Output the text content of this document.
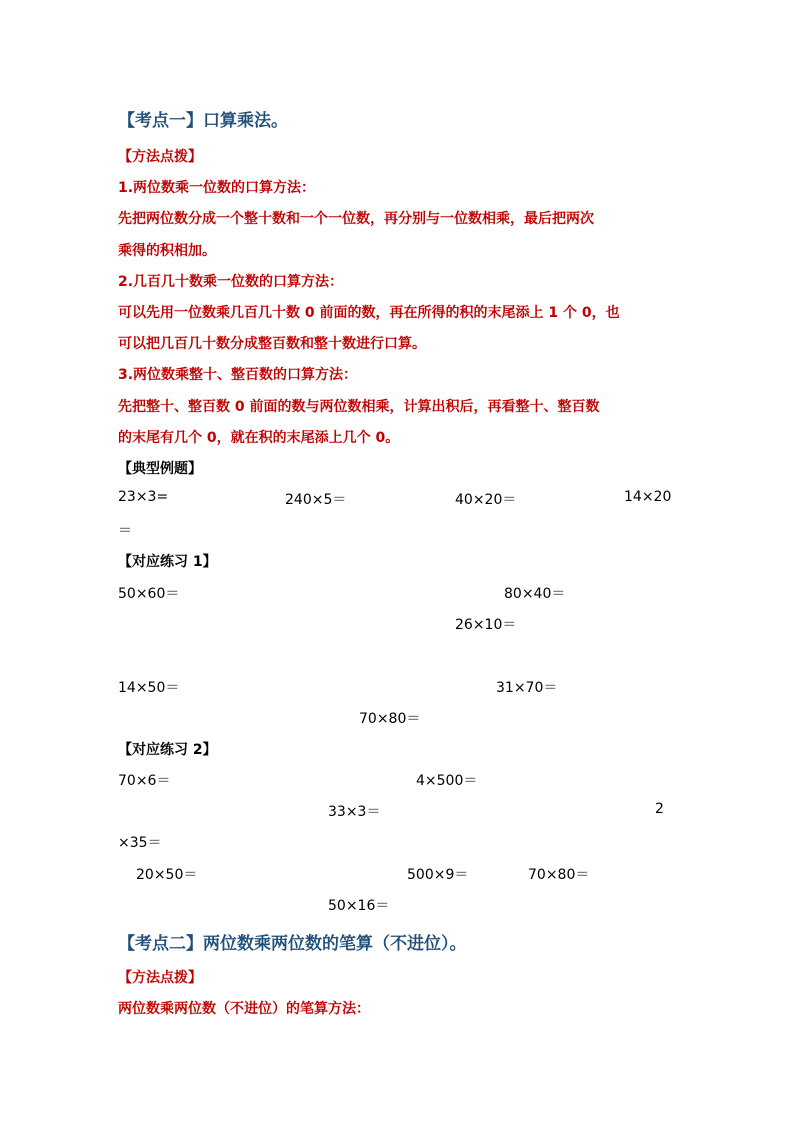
【考点一】口算乘法。
【方法点拨】
1.两位数乘一位数的口算方法：
先把两位数分成一个整十数和一个一位数，再分别与一位数相乘，最后把两次
乘得的积相加。
2.几百几十数乘一位数的口算方法：
可以先用一位数乘几百几十数 0 前面的数，再在所得的积的末尾添上 1 个 0，也
可以把几百几十数分成整百数和整十数进行口算。
3.两位数乘整十、整百数的口算方法：
先把整十、整百数 0 前面的数与两位数相乘，计算出积后，再看整十、整百数
的末尾有几个 0，就在积的末尾添上几个 0。
【典型例题】
23×3=	240×5＝	40×20＝	14×20
＝
【对应练习 1】
50×60＝	80×40＝
26×10＝
14×50＝	31×70＝
70×80＝
【对应练习 2】
70×6＝	4×500＝
33×3＝	2
×35＝
20×50＝	500×9＝	70×80＝
50×16＝
【考点二】两位数乘两位数的笔算（不进位）。
【方法点拨】
两位数乘两位数（不进位）的笔算方法：
